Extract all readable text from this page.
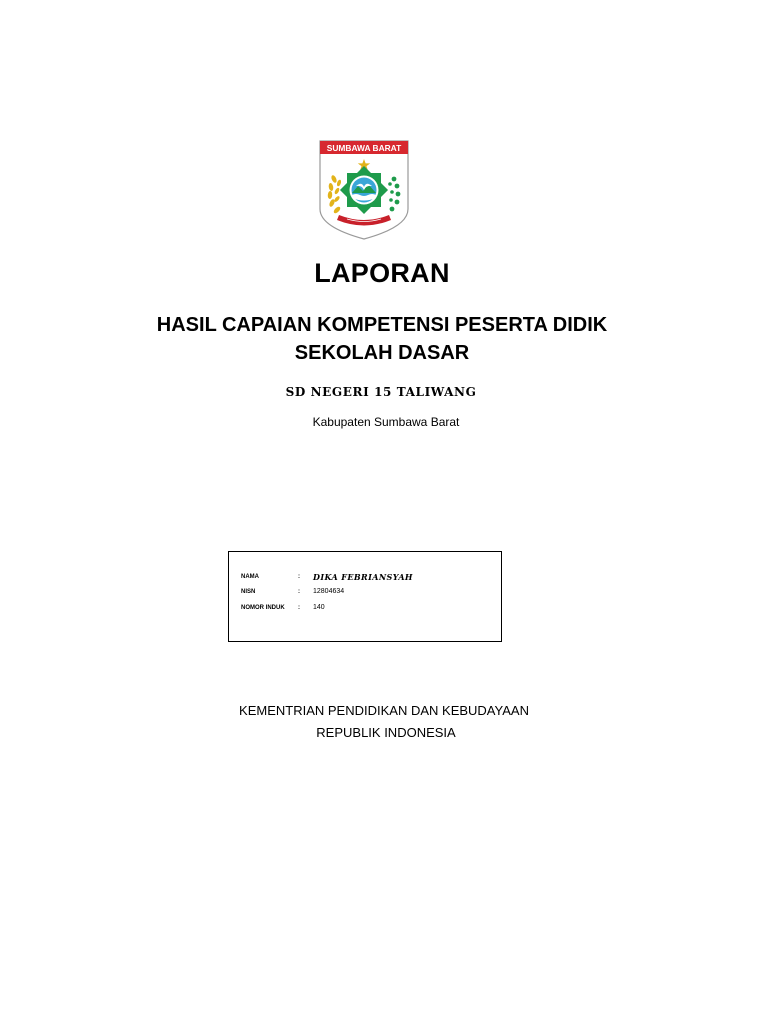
SUMBAWA BARAT
LAPORAN
HASIL CAPAIAN KOMPETENSI PESERTA DIDIK
SEKOLAH DASAR
SD NEGERI 15 TALIWANG
Kabupaten Sumbawa Barat
NAMA	: DIKA FEBRIANSYAH
NISN	: 12804634
NOMOR INDUK : 140
KEMENTRIAN PENDIDIKAN DAN KEBUDAYAAN
REPUBLIK INDONESIA
